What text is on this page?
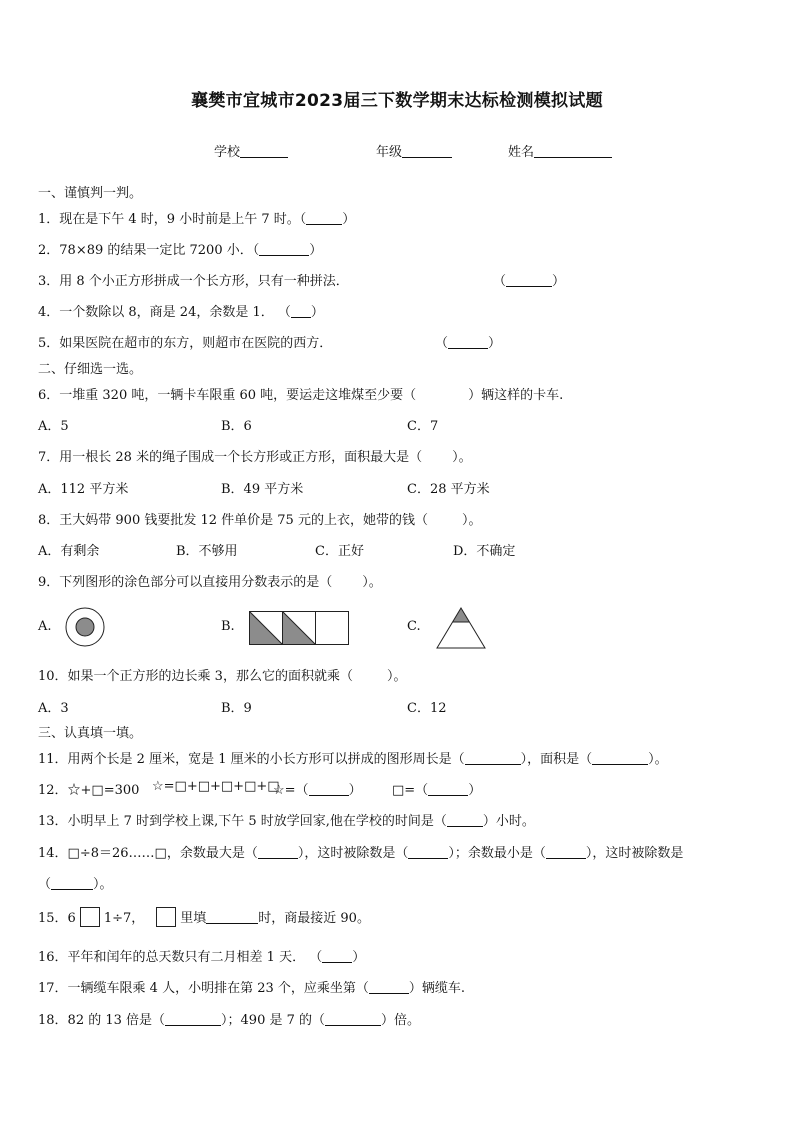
襄樊市宜城市2023届三下数学期末达标检测模拟试题
学校	年级	姓名
一、谨慎判一判。
1．现在是下午 4 时，9 小时前是上午 7 时。（	）
2．78×89 的结果一定比 7200 小．（	）
3．用 8 个小正方形拼成一个长方形，只有一种拼法．	（	）
4．一个数除以 8，商是 24，余数是 1． （ ）
5．如果医院在超市的东方，则超市在医院的西方．	（	）
二、仔细选一选。
6．一堆重 320 吨，一辆卡车限重 60 吨，要运走这堆煤至少要（	）辆这样的卡车.
A．5	B．6	C．7
7．用一根长 28 米的绳子围成一个长方形或正方形，面积最大是（ ）。
A．112 平方米	B．49 平方米	C．28 平方米
8．王大妈带 900 钱要批发 12 件单价是 75 元的上衣，她带的钱（	）。
A．有剩余	B．不够用	C．正好	D．不确定
9．下列图形的涂色部分可以直接用分数表示的是（ ）。
A.	B.	C.
10．如果一个正方形的边长乘 3，那么它的面积就乘（	）。
A．3	B．9	C．12
三、认真填一填。
11．用两个长是 2 厘米，宽是 1 厘米的小长方形可以拼成的图形周长是（	），面积是（	）。
12．☆+□=300 ☆=□+□+□+□+□
☆=（	） □=（	）
13．小明早上 7 时到学校上课,下午 5 时放学回家,他在学校的时间是（	）小时。
14．□÷8＝26……□，余数最大是（	），这时被除数是（	）；余数最小是（	），这时被除数是
（	）。
15．6 1÷7，	里填	时，商最接近 90。
16．平年和闰年的总天数只有二月相差 1 天． （ ）
17．一辆缆车限乘 4 人，小明排在第 23 个，应乘坐第（	）辆缆车.
18．82 的 13 倍是（	）；490 是 7 的（	）倍。
